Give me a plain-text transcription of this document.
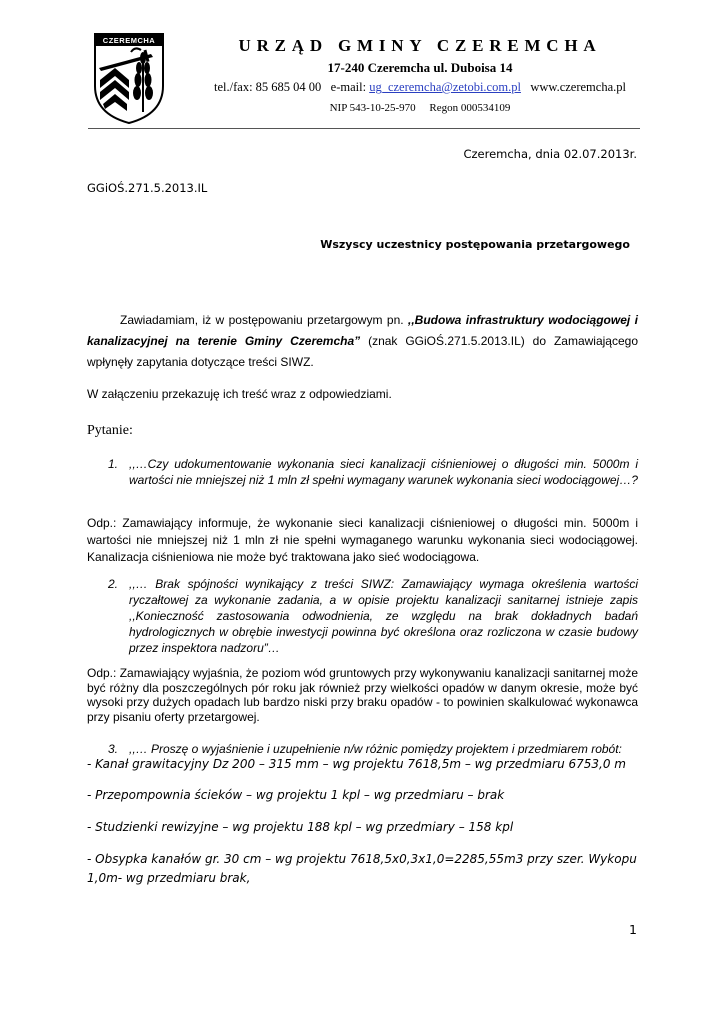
CZEREMCHA	URZĄD GMINY CZEREMCHA
17-240 Czeremcha ul. Duboisa 14
tel./fax: 85 685 04 00 e-mail: ug_czeremcha@zetobi.com.pl www.czeremcha.pl
NIP 543-10-25-970 Regon 000534109
Czeremcha, dnia 02.07.2013r.
GGiOŚ.271.5.2013.IL
Wszyscy uczestnicy postępowania przetargowego
Zawiadamiam, iż w postępowaniu przetargowym pn. ,,Budowa infrastruktury wodociągowej i kanalizacyjnej na terenie Gminy Czeremcha” (znak GGiOŚ.271.5.2013.IL) do Zamawiającego wpłynęły zapytania dotyczące treści SIWZ.
W załączeniu przekazuję ich treść wraz z odpowiedziami.
Pytanie:
1. ,,…Czy udokumentowanie wykonania sieci kanalizacji ciśnieniowej o długości min. 5000m i wartości nie mniejszej niż 1 mln zł spełni wymagany warunek wykonania sieci wodociągowej…?
Odp.: Zamawiający informuje, że wykonanie sieci kanalizacji ciśnieniowej o długości min. 5000m i wartości nie mniejszej niż 1 mln zł nie spełni wymaganego warunku wykonania sieci wodociągowej. Kanalizacja ciśnieniowa nie może być traktowana jako sieć wodociągowa.
2. ,,… Brak spójności wynikający z treści SIWZ: Zamawiający wymaga określenia wartości ryczałtowej za wykonanie zadania, a w opisie projektu kanalizacji sanitarnej istnieje zapis ,,Konieczność zastosowania odwodnienia, ze względu na brak dokładnych badań hydrologicznych w obrębie inwestycji powinna być określona oraz rozliczona w czasie budowy przez inspektora nadzoru”…
Odp.: Zamawiający wyjaśnia, że poziom wód gruntowych przy wykonywaniu kanalizacji sanitarnej może być różny dla poszczególnych pór roku jak również przy wielkości opadów w danym okresie, może być wysoki przy dużych opadach lub bardzo niski przy braku opadów - to powinien skalkulować wykonawca przy pisaniu oferty przetargowej.
3. ,,… Proszę o wyjaśnienie i uzupełnienie n/w różnic pomiędzy projektem i przedmiarem robót:
- Kanał grawitacyjny Dz 200 – 315 mm – wg projektu 7618,5m – wg przedmiaru 6753,0 m
- Przepompownia ścieków – wg projektu 1 kpl – wg przedmiaru – brak
- Studzienki rewizyjne – wg projektu 188 kpl – wg przedmiary – 158 kpl
- Obsypka kanałów gr. 30 cm – wg projektu 7618,5x0,3x1,0=2285,55m3 przy szer. Wykopu 1,0m- wg przedmiaru brak,
1
